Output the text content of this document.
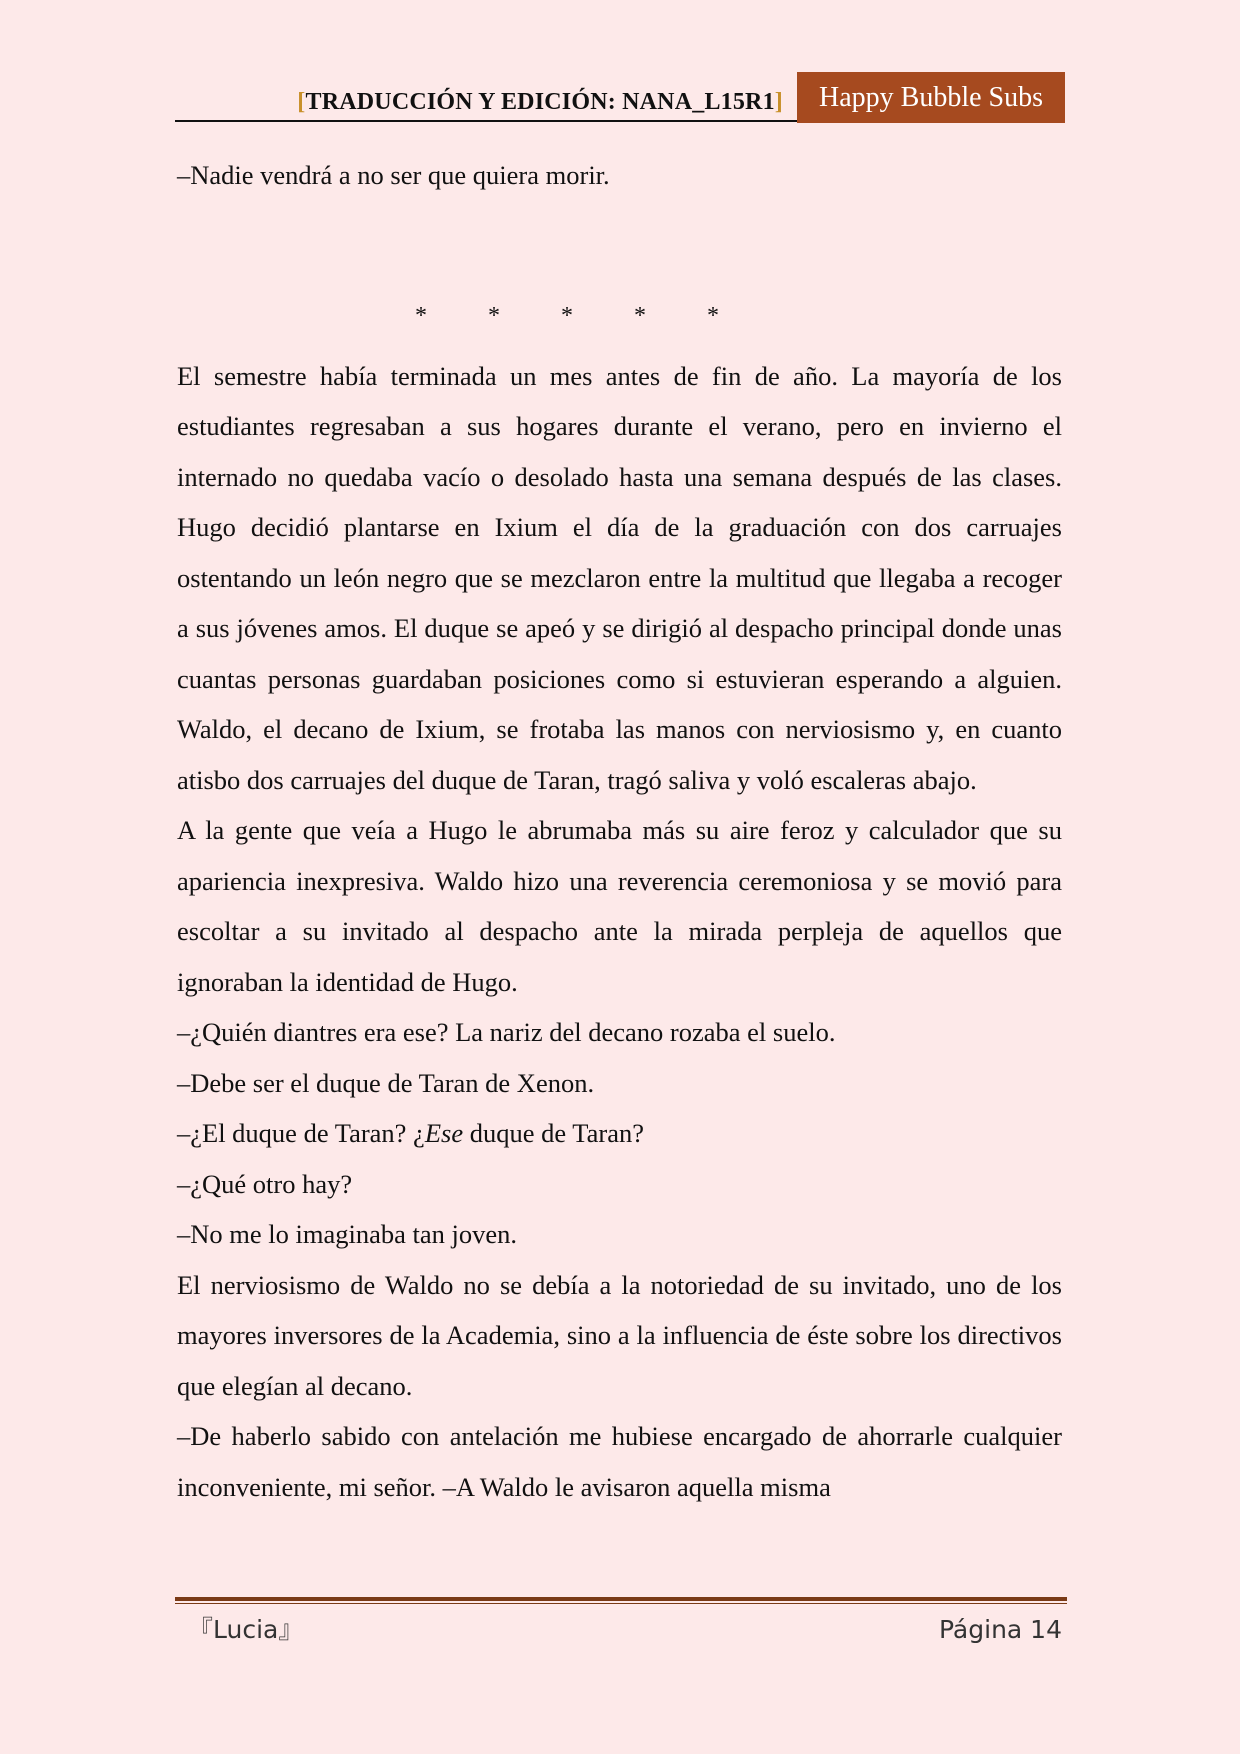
[TRADUCCIÓN Y EDICIÓN: NANA_L15R1]	Happy Bubble Subs

–Nadie vendrá a no ser que quiera morir.

*	*	*	*	*

El semestre había terminada un mes antes de fin de año. La mayoría de los estudiantes regresaban a sus hogares durante el verano, pero en invierno el internado no quedaba vacío o desolado hasta una semana después de las clases. Hugo decidió plantarse en Ixium el día de la graduación con dos carruajes ostentando un león negro que se mezclaron entre la multitud que llegaba a recoger a sus jóvenes amos. El duque se apeó y se dirigió al despacho principal donde unas cuantas personas guardaban posiciones como si estuvieran esperando a alguien. Waldo, el decano de Ixium, se frotaba las manos con nerviosismo y, en cuanto atisbo dos carruajes del duque de Taran, tragó saliva y voló escaleras abajo.

A la gente que veía a Hugo le abrumaba más su aire feroz y calculador que su apariencia inexpresiva. Waldo hizo una reverencia ceremoniosa y se movió para escoltar a su invitado al despacho ante la mirada perpleja de aquellos que ignoraban la identidad de Hugo.

–¿Quién diantres era ese? La nariz del decano rozaba el suelo.

–Debe ser el duque de Taran de Xenon.

–¿El duque de Taran? ¿Ese duque de Taran?

–¿Qué otro hay?

–No me lo imaginaba tan joven.

El nerviosismo de Waldo no se debía a la notoriedad de su invitado, uno de los mayores inversores de la Academia, sino a la influencia de éste sobre los directivos que elegían al decano.

–De haberlo sabido con antelación me hubiese encargado de ahorrarle cualquier inconveniente, mi señor. –A Waldo le avisaron aquella misma

『Lucia』	Página 14
